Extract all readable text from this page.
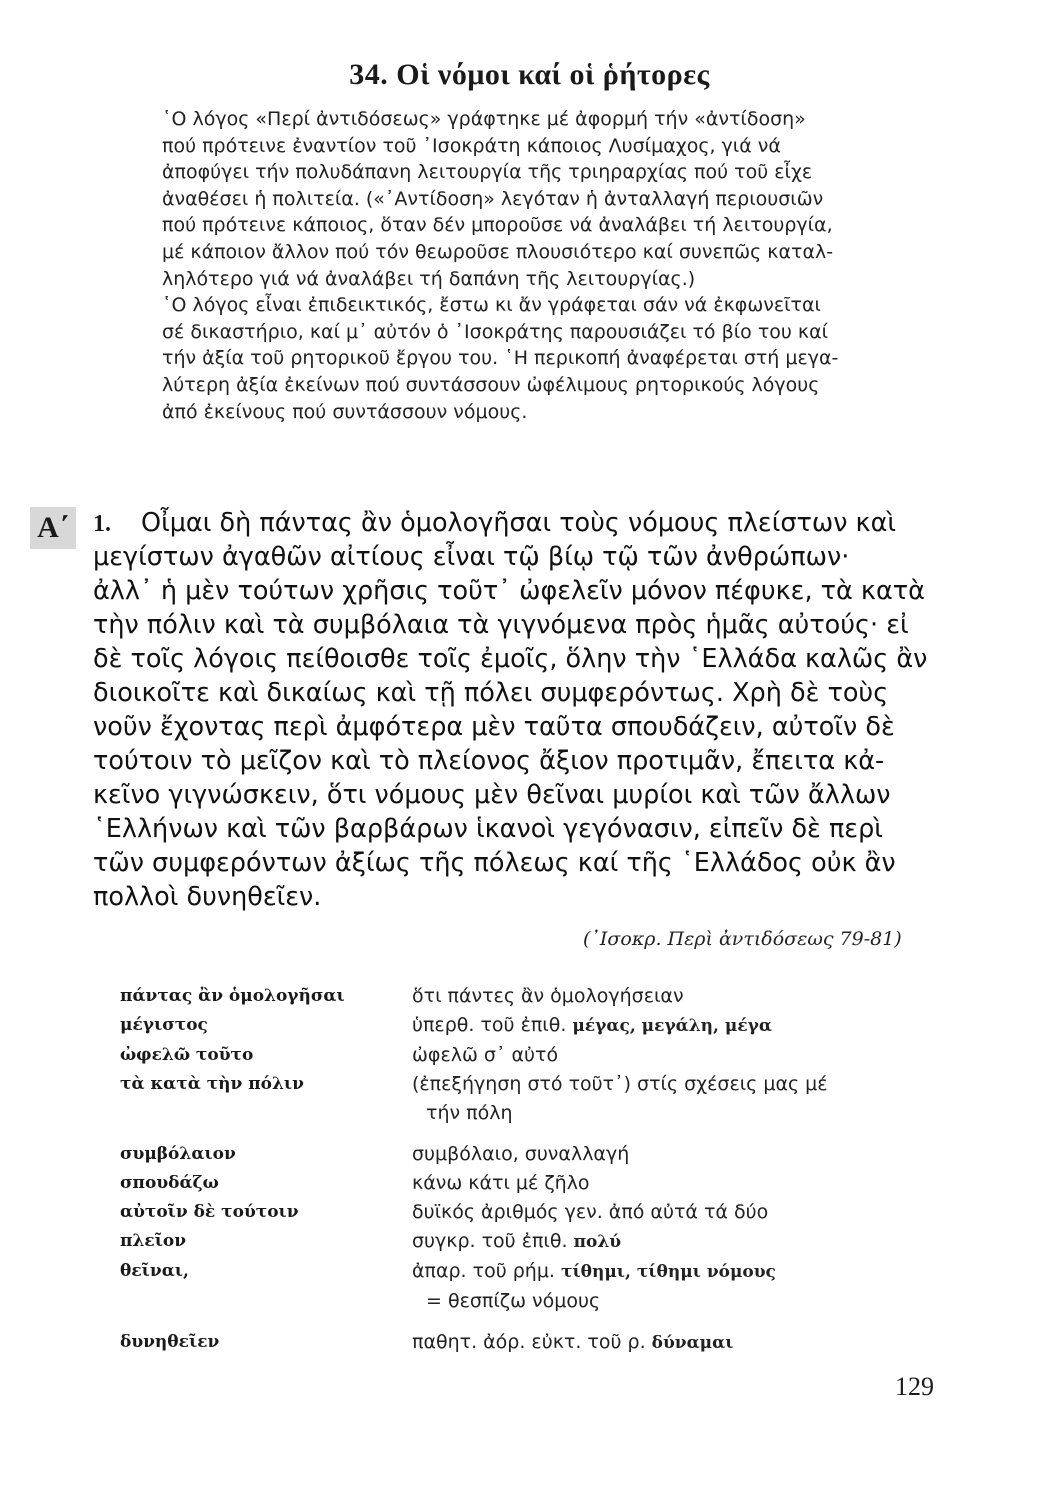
34. Οἱ νόμοι καί οἱ ῥήτορες

῾Ο λόγος «Περί ἀντιδόσεως» γράφτηκε μέ ἀφορμή τήν «ἀντίδοση»
πού πρότεινε ἐναντίον τοῦ ᾽Ισοκράτη κάποιος Λυσίμαχος, γιά νά
ἀποφύγει τήν πολυδάπανη λειτουργία τῆς τριηραρχίας πού τοῦ εἶχε
ἀναθέσει ἡ πολιτεία. («᾽Αντίδοση» λεγόταν ἡ ἀνταλλαγή περιουσιῶν
πού πρότεινε κάποιος, ὅταν δέν μποροῦσε νά ἀναλάβει τή λειτουργία,
μέ κάποιον ἄλλον πού τόν θεωροῦσε πλουσιότερο καί συνεπῶς καταλ-
ληλότερο γιά νά ἀναλάβει τή δαπάνη τῆς λειτουργίας.)

῾Ο λόγος εἶναι ἐπιδεικτικός, ἔστω κι ἄν γράφεται σάν νά ἐκφωνεῖται
σέ δικαστήριο, καί μ᾽ αὐτόν ὁ ᾽Ισοκράτης παρουσιάζει τό βίο του καί
τήν ἀξία τοῦ ρητορικοῦ ἔργου του. ῾Η περικοπή ἀναφέρεται στή μεγα-
λύτερη ἀξία ἐκείνων πού συντάσσουν ὠφέλιμους ρητορικούς λόγους
ἀπό ἐκείνους πού συντάσσουν νόμους.

Α΄ 1.	Οἶμαι δὴ πάντας ἂν ὁμολογῆσαι τοὺς νόμους πλείστων καὶ
μεγίστων ἀγαθῶν αἰτίους εἶναι τῷ βίῳ τῷ τῶν ἀνθρώπων·
ἀλλ᾽ ἡ μὲν τούτων χρῆσις τοῦτ᾽ ὠφελεῖν μόνον πέφυκε, τὰ κατὰ
τὴν πόλιν καὶ τὰ συμβόλαια τὰ γιγνόμενα πρὸς ἡμᾶς αὐτούς· εἰ
δὲ τοῖς λόγοις πείθοισθε τοῖς ἐμοῖς, ὅλην τὴν ῾Ελλάδα καλῶς ἂν
διοικοῖτε καὶ δικαίως καὶ τῇ πόλει συμφερόντως. Χρὴ δὲ τοὺς
νοῦν ἔχοντας περὶ ἀμφότερα μὲν ταῦτα σπουδάζειν, αὐτοῖν δὲ
τούτοιν τὸ μεῖζον καὶ τὸ πλείονος ἄξιον προτιμᾶν, ἔπειτα κἀ-
κεῖνο γιγνώσκειν, ὅτι νόμους μὲν θεῖναι μυρίοι καὶ τῶν ἄλλων
῾Ελλήνων καὶ τῶν βαρβάρων ἱκανοὶ γεγόνασιν, εἰπεῖν δὲ περὶ
τῶν συμφερόντων ἀξίως τῆς πόλεως καί τῆς ῾Ελλάδος οὐκ ἂν
πολλοὶ δυνηθεῖεν.
(᾽Ισοκρ. Περὶ ἀντιδόσεως 79-81)
πάντας ἂν ὁμολογῆσαι	ὅτι πάντες ἂν ὁμολογήσειαν
μέγιστος	ὑπερθ. τοῦ ἐπιθ. μέγας, μεγάλη, μέγα
ὠφελῶ τοῦτο	ὠφελῶ σ᾽ αὐτό
τὰ κατὰ τὴν πόλιν	(ἐπεξήγηση στό τοῦτ᾽) στίς σχέσεις μας μέ
τήν πόλη
συμβόλαιον	συμβόλαιο, συναλλαγή
σπουδάζω	κάνω κάτι μέ ζῆλο
αὐτοῖν δὲ τούτοιν	δυϊκός ἀριθμός γεν. ἀπό αὐτά τά δύο
πλεῖον	συγκρ. τοῦ ἐπιθ. πολύ
θεῖναι,	ἀπαρ. τοῦ ρήμ. τίθημι, τίθημι νόμους
= θεσπίζω νόμους
δυνηθεῖεν	παθητ. ἀόρ. εὐκτ. τοῦ ρ. δύναμαι
129
